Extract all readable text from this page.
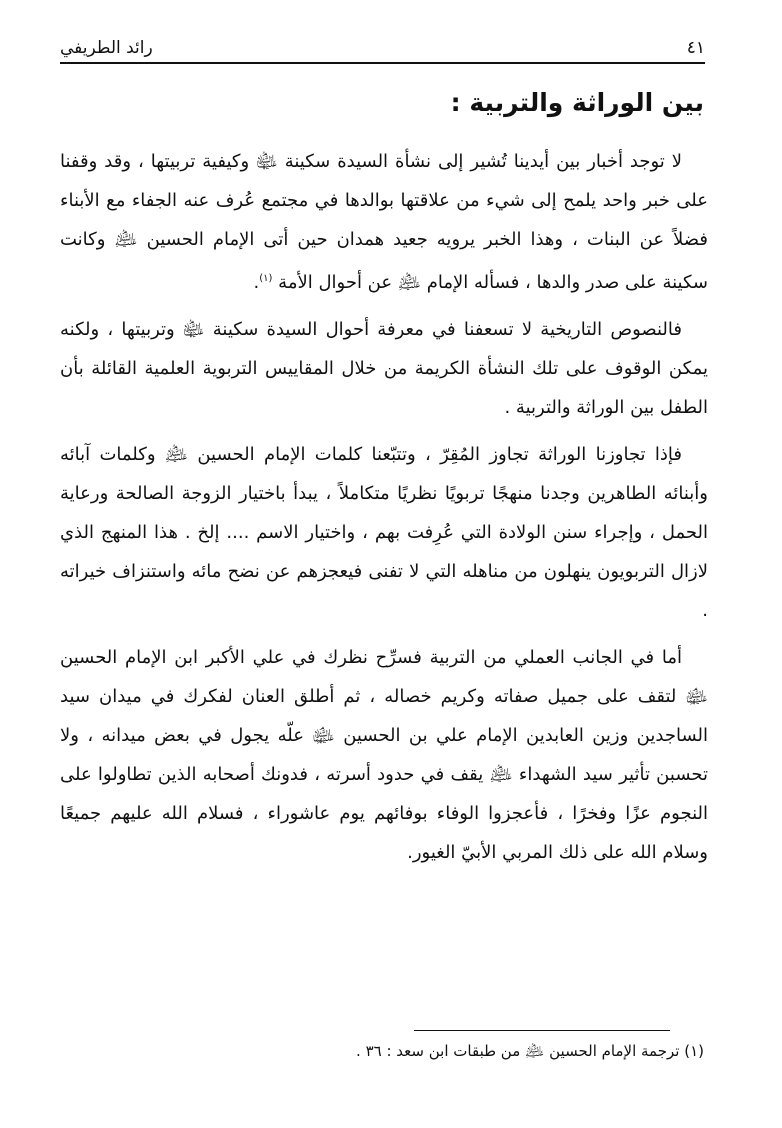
٤١
رائد الطريفي
بين الوراثة والتربية :

لا توجد أخبار بين أيدينا تُشير إلى نشأة السيدة سكينة ﵍ وكيفية تربيتها ، وقد وقفنا على خبر واحد يلمح إلى شيء من علاقتها بوالدها في مجتمع عُرف عنه الجفاء مع الأبناء فضلاً عن البنات ، وهذا الخبر يرويه جعيد همدان حين أتى الإمام الحسين ﵇ وكانت سكينة على صدر والدها ، فسأله الإمام ﵇ عن أحوال الأمة $^{(١)}$.

فالنصوص التاريخية لا تسعفنا في معرفة أحوال السيدة سكينة ﵍ وتربيتها ، ولكنه يمكن الوقوف على تلك النشأة الكريمة من خلال المقاييس التربوية العلمية القائلة بأن الطفل بين الوراثة والتربية .

فإذا تجاوزنا الوراثة تجاوز المُقِرّ ، وتتبّعنا كلمات الإمام الحسين ﵇ وكلمات آبائه وأبنائه الطاهرين وجدنا منهجًا تربويًا نظريًا متكاملاً ، يبدأ باختيار الزوجة الصالحة ورعاية الحمل ، وإجراء سنن الولادة التي عُرِفت بهم ، واختيار الاسم .... إلخ . هذا المنهج الذي لازال التربويون ينهلون من مناهله التي لا تفنى فيعجزهم عن نضح مائه واستنزاف خيراته .

أما في الجانب العملي من التربية فسرِّح نظرك في علي الأكبر ابن الإمام الحسين ﵉ لتقف على جميل صفاته وكريم خصاله ، ثم أطلق العنان لفكرك في ميدان سيد الساجدين وزين العابدين الإمام علي بن الحسين ﵉ علّه يجول في بعض ميدانه ، ولا تحسبن تأثير سيد الشهداء ﵇ يقف في حدود أسرته ، فدونك أصحابه الذين تطاولوا على النجوم عزًا وفخرًا ، فأعجزوا الوفاء بوفائهم يوم عاشوراء ، فسلام الله عليهم جميعًا وسلام الله على ذلك المربي الأبيّ الغيور.

(١) ترجمة الإمام الحسين ﵇ من طبقات ابن سعد : ٣٦ .
